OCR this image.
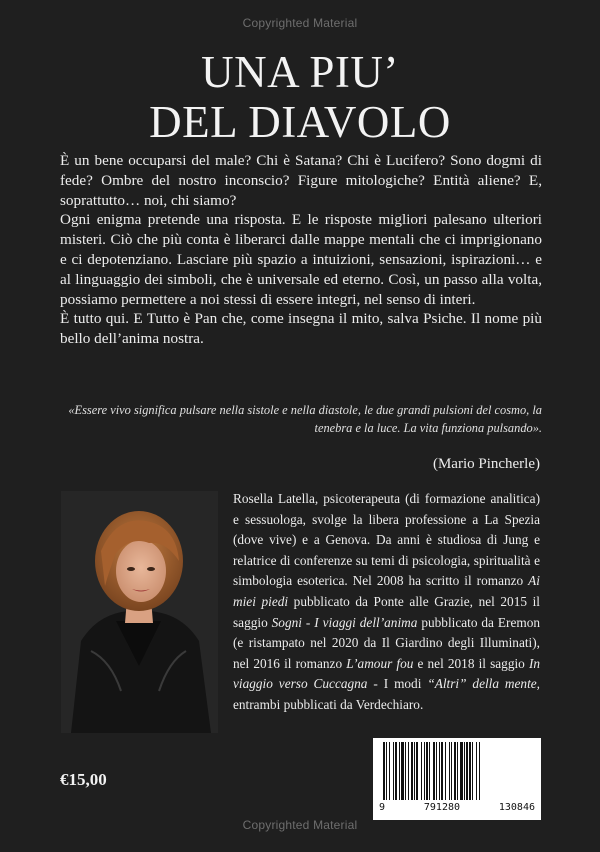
Copyrighted Material
UNA PIU’
DEL DIAVOLO

È un bene occuparsi del male? Chi è Satana? Chi è Lucifero? Sono dogmi di fede? Ombre del nostro inconscio? Figure mitologiche? Entità aliene? E, soprattutto… noi, chi siamo?

Ogni enigma pretende una risposta. E le risposte migliori palesano ulteriori misteri. Ciò che più conta è liberarci dalle mappe mentali che ci imprigionano e ci depotenziano. Lasciare più spazio a intuizioni, sensazioni, ispirazioni… e al linguaggio dei simboli, che è universale ed eterno. Così, un passo alla volta, possiamo permettere a noi stessi di essere integri, nel senso di interi.

È tutto qui. E Tutto è Pan che, come insegna il mito, salva Psiche. Il nome più bello dell’anima nostra.

«Essere vivo significa pulsare nella sistole e nella diastole, le due grandi pulsioni del cosmo, la tenebra e la luce. La vita funziona pulsando».
(Mario Pincherle)

Rosella Latella, psicoterapeuta (di formazione analitica) e sessuologa, svolge la libera professione a La Spezia (dove vive) e a Genova. Da anni è studiosa di Jung e relatrice di conferenze su temi di psicologia, spiritualità e simbologia esoterica. Nel 2008 ha scritto il romanzo Ai miei piedi pubblicato da Ponte alle Grazie, nel 2015 il saggio Sogni - I viaggi dell’anima pubblicato da Eremon (e ristampato nel 2020 da Il Giardino degli Illuminati), nel 2016 il romanzo L’amour fou e nel 2018 il saggio In viaggio verso Cuccagna - I modi “Altri” della mente, entrambi pubblicati da Verdechiaro.

€15,00
9	791280	130846
Copyrighted Material
